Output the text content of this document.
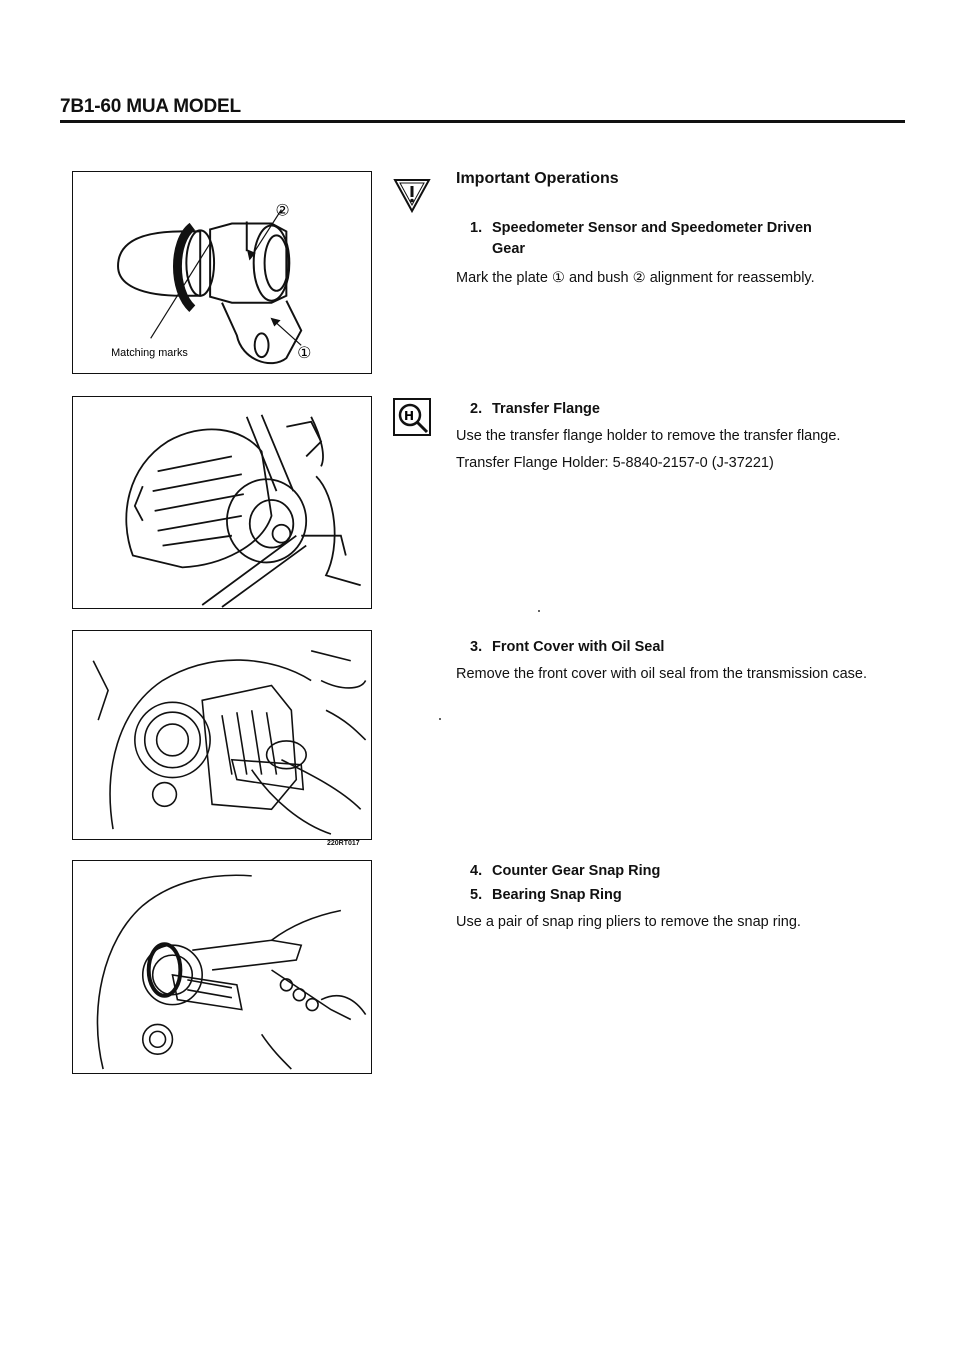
7B1-60 MUA MODEL
Matching marks
②
①
220RT017
H
Important Operations
1. Speedometer Sensor and Speedometer Driven
Gear
Mark the plate ① and bush ② alignment for reassembly.
2. Transfer Flange
Use the transfer flange holder to remove the transfer flange.
Transfer Flange Holder: 5-8840-2157-0 (J-37221)
3. Front Cover with Oil Seal
Remove the front cover with oil seal from the transmission case.
4. Counter Gear Snap Ring
5. Bearing Snap Ring
Use a pair of snap ring pliers to remove the snap ring.
